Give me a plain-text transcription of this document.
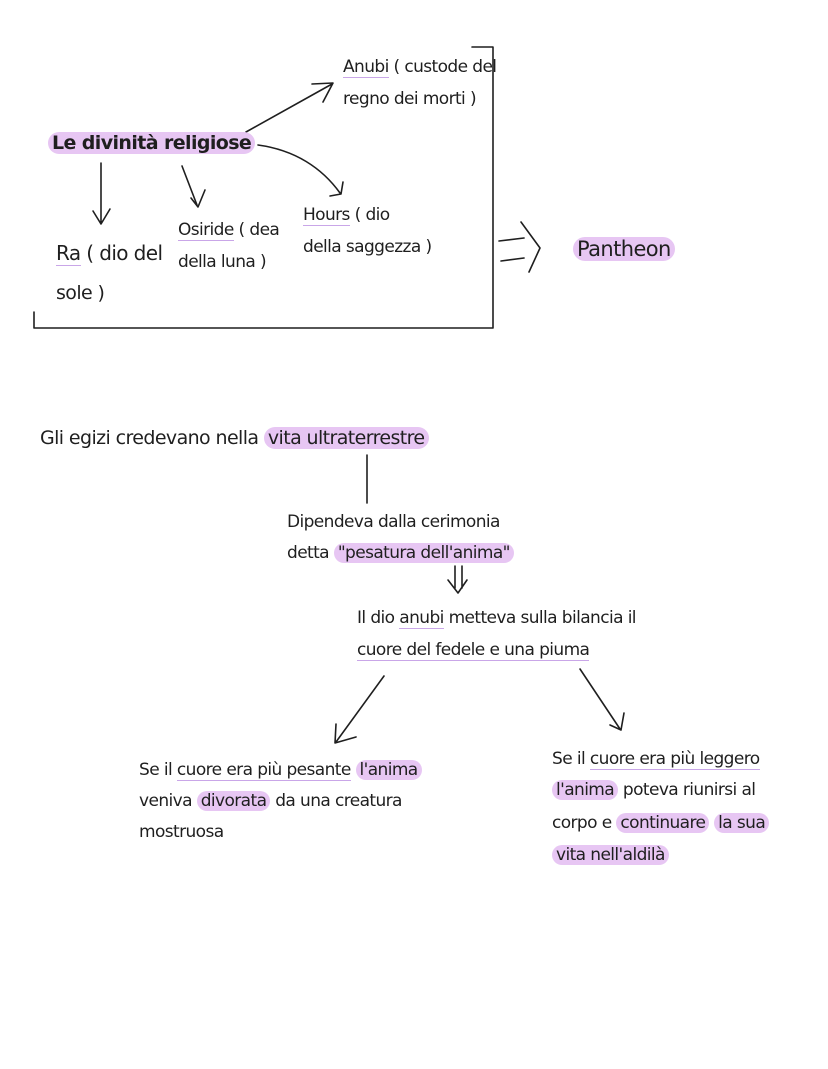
Le divinità religiose
Anubi ( custode del
regno dei morti )
Ra ( dio del
sole )
Osiride ( dea
della luna )
Hours ( dio
della saggezza )	Pantheon
Gli egizi credevano nella vita ultraterrestre
Dipendeva dalla cerimonia
detta "pesatura dell'anima"
Il dio anubi metteva sulla bilancia il
cuore del fedele e una piuma
Se il cuore era più pesante l'anima
veniva divorata da una creatura
mostruosa
Se il cuore era più leggero
l'anima poteva riunirsi al
corpo e continuare la sua
vita nell'aldilà
